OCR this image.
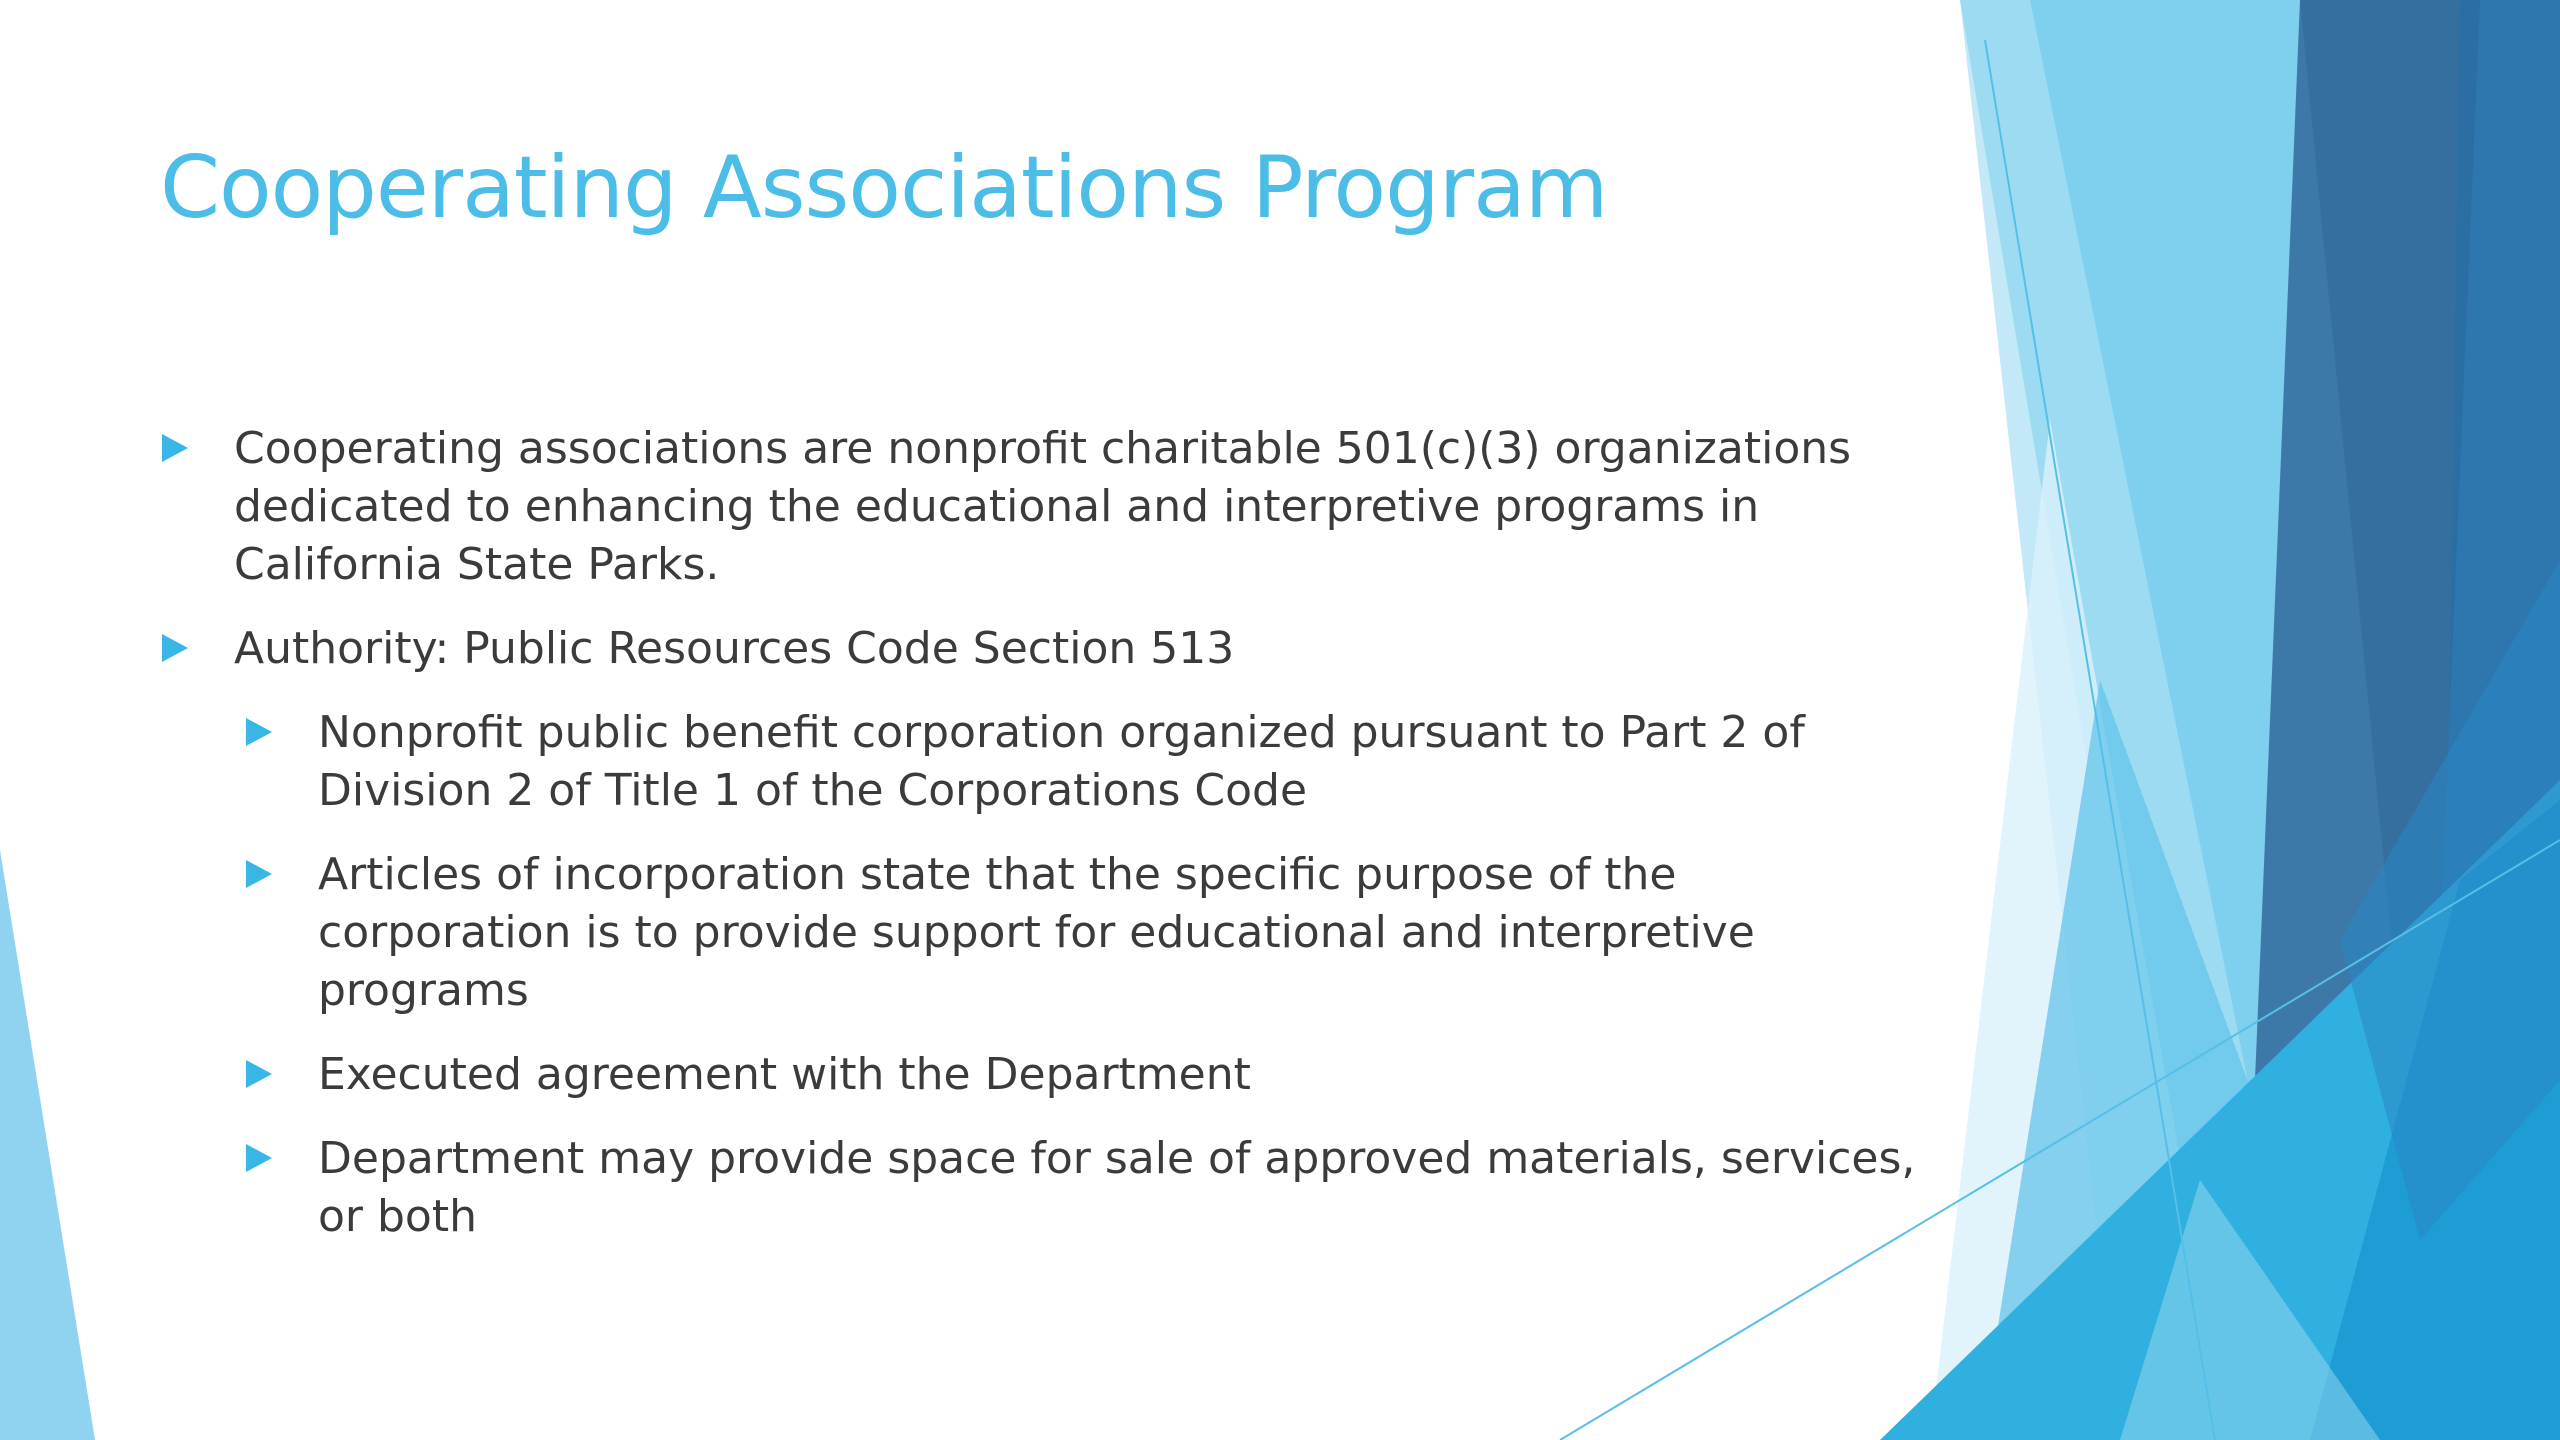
Cooperating Associations Program
Cooperating associations are nonprofit charitable 501(c)(3) organizations dedicated to enhancing the educational and interpretive programs in California State Parks.
Authority: Public Resources Code Section 513
Nonprofit public benefit corporation organized pursuant to Part 2 of Division 2 of Title 1 of the Corporations Code
Articles of incorporation state that the specific purpose of the corporation is to provide support for educational and interpretive programs
Executed agreement with the Department
Department may provide space for sale of approved materials, services, or both
